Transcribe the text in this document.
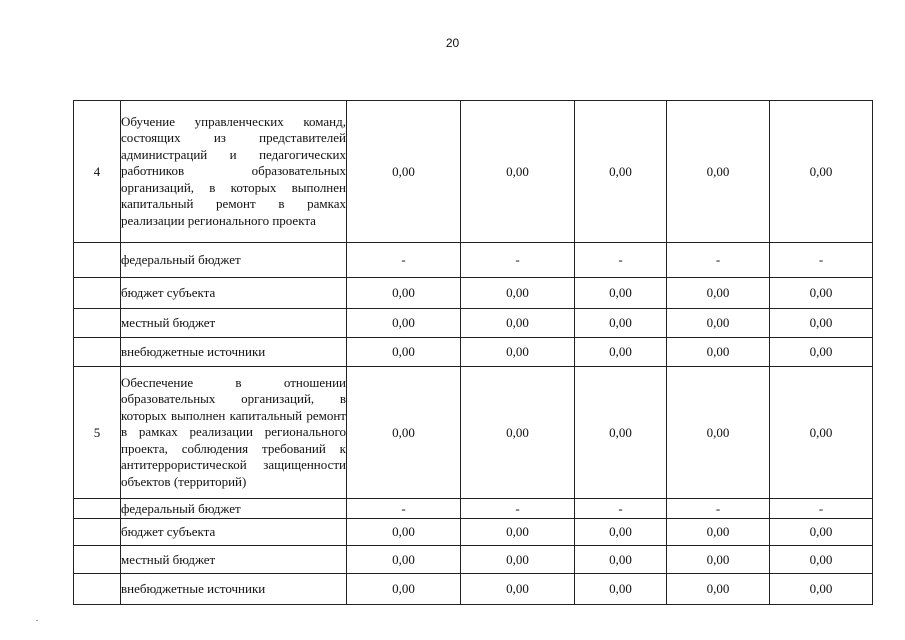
20
4	Обучение управленческих команд, состоящих из представителей администраций и педагогических работников образовательных организаций, в которых выполнен капитальный ремонт в рамках реализации регионального проекта	0,00	0,00	0,00	0,00	0,00
	федеральный бюджет	-	-	-	-	-
	бюджет субъекта	0,00	0,00	0,00	0,00	0,00
	местный бюджет	0,00	0,00	0,00	0,00	0,00
	внебюджетные источники	0,00	0,00	0,00	0,00	0,00
5	Обеспечение в отношении образовательных организаций, в которых выполнен капитальный ремонт в рамках реализации регионального проекта, соблюдения требований к антитеррористической защищенности объектов (территорий)	0,00	0,00	0,00	0,00	0,00
	федеральный бюджет	-	-	-	-	-
	бюджет субъекта	0,00	0,00	0,00	0,00	0,00
	местный бюджет	0,00	0,00	0,00	0,00	0,00
	внебюджетные источники	0,00	0,00	0,00	0,00	0,00
